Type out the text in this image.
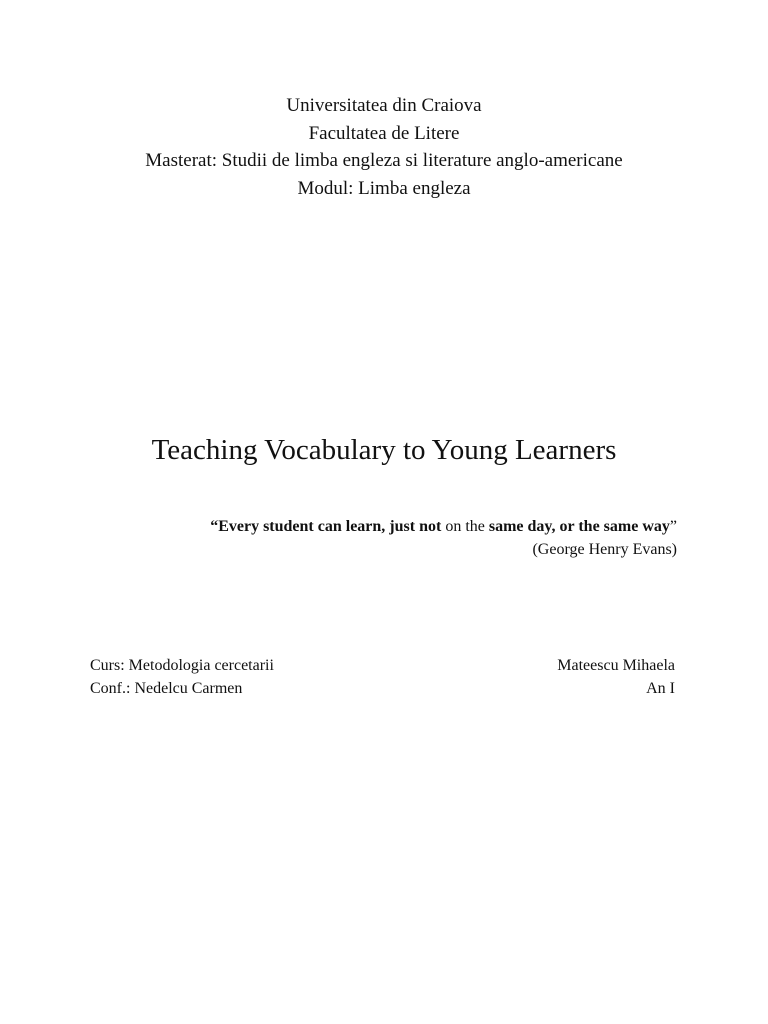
Universitatea din Craiova
Facultatea de Litere
Masterat: Studii de limba engleza si literature anglo-americane
Modul: Limba engleza
Teaching Vocabulary to Young Learners
“Every student can learn, just not on the same day, or the same way”
(George Henry Evans)
Curs: Metodologia cercetarii
Conf.: Nedelcu Carmen
Mateescu Mihaela
An I
